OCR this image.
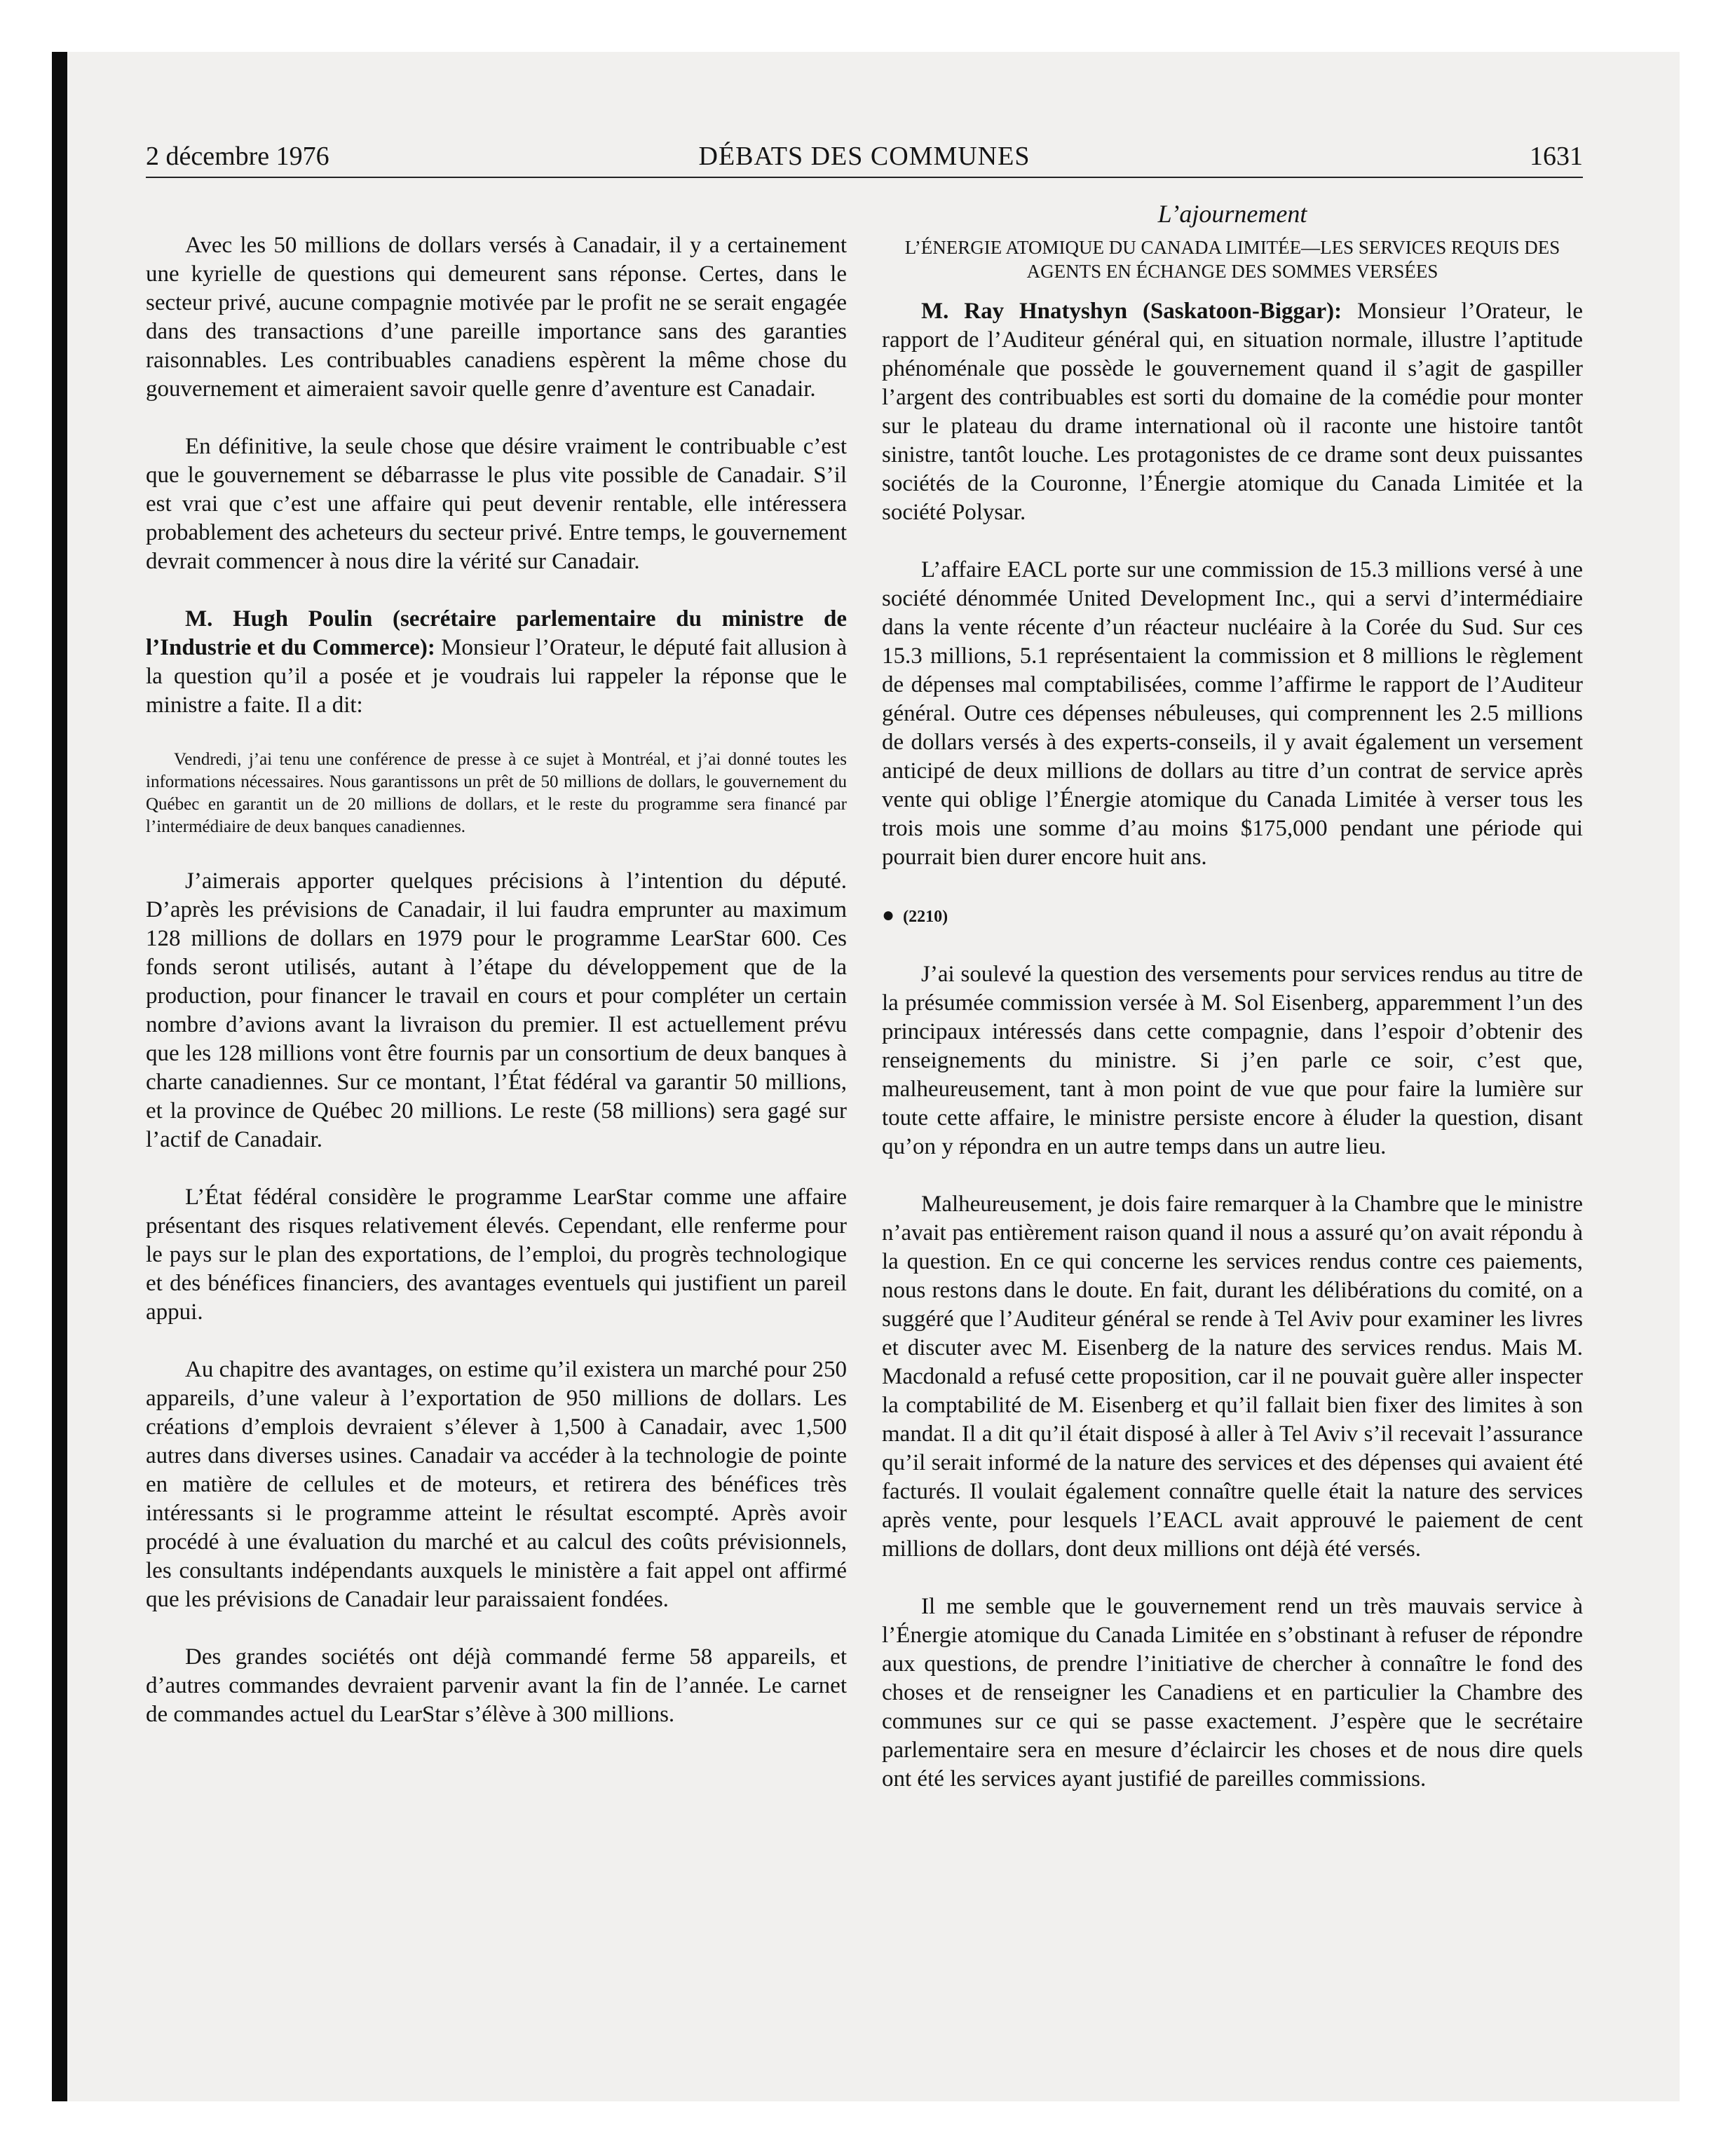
2 décembre 1976	DÉBATS DES COMMUNES	1631

Avec les 50 millions de dollars versés à Canadair, il y a certainement une kyrielle de questions qui demeurent sans réponse. Certes, dans le secteur privé, aucune compagnie motivée par le profit ne se serait engagée dans des transactions d’une pareille importance sans des garanties raisonnables. Les contribuables canadiens espèrent la même chose du gouvernement et aimeraient savoir quelle genre d’aventure est Canadair.

En définitive, la seule chose que désire vraiment le contribuable c’est que le gouvernement se débarrasse le plus vite possible de Canadair. S’il est vrai que c’est une affaire qui peut devenir rentable, elle intéressera probablement des acheteurs du secteur privé. Entre temps, le gouvernement devrait commencer à nous dire la vérité sur Canadair.

M. Hugh Poulin (secrétaire parlementaire du ministre de l’Industrie et du Commerce): Monsieur l’Orateur, le député fait allusion à la question qu’il a posée et je voudrais lui rappeler la réponse que le ministre a faite. Il a dit:

Vendredi, j’ai tenu une conférence de presse à ce sujet à Montréal, et j’ai donné toutes les informations nécessaires. Nous garantissons un prêt de 50 millions de dollars, le gouvernement du Québec en garantit un de 20 millions de dollars, et le reste du programme sera financé par l’intermédiaire de deux banques canadiennes.

J’aimerais apporter quelques précisions à l’intention du député. D’après les prévisions de Canadair, il lui faudra emprunter au maximum 128 millions de dollars en 1979 pour le programme LearStar 600. Ces fonds seront utilisés, autant à l’étape du développement que de la production, pour financer le travail en cours et pour compléter un certain nombre d’avions avant la livraison du premier. Il est actuellement prévu que les 128 millions vont être fournis par un consortium de deux banques à charte canadiennes. Sur ce montant, l’État fédéral va garantir 50 millions, et la province de Québec 20 millions. Le reste (58 millions) sera gagé sur l’actif de Canadair.

L’État fédéral considère le programme LearStar comme une affaire présentant des risques relativement élevés. Cependant, elle renferme pour le pays sur le plan des exportations, de l’emploi, du progrès technologique et des bénéfices financiers, des avantages eventuels qui justifient un pareil appui.

Au chapitre des avantages, on estime qu’il existera un marché pour 250 appareils, d’une valeur à l’exportation de 950 millions de dollars. Les créations d’emplois devraient s’élever à 1,500 à Canadair, avec 1,500 autres dans diverses usines. Canadair va accéder à la technologie de pointe en matière de cellules et de moteurs, et retirera des bénéfices très intéressants si le programme atteint le résultat escompté. Après avoir procédé à une évaluation du marché et au calcul des coûts prévisionnels, les consultants indépendants auxquels le ministère a fait appel ont affirmé que les prévisions de Canadair leur paraissaient fondées.

Des grandes sociétés ont déjà commandé ferme 58 appareils, et d’autres commandes devraient parvenir avant la fin de l’année. Le carnet de commandes actuel du LearStar s’élève à 300 millions.

L’ajournement
L’ÉNERGIE ATOMIQUE DU CANADA LIMITÉE—LES SERVICES REQUIS DES AGENTS EN ÉCHANGE DES SOMMES VERSÉES

M. Ray Hnatyshyn (Saskatoon-Biggar): Monsieur l’Orateur, le rapport de l’Auditeur général qui, en situation normale, illustre l’aptitude phénoménale que possède le gouvernement quand il s’agit de gaspiller l’argent des contribuables est sorti du domaine de la comédie pour monter sur le plateau du drame international où il raconte une histoire tantôt sinistre, tantôt louche. Les protagonistes de ce drame sont deux puissantes sociétés de la Couronne, l’Énergie atomique du Canada Limitée et la société Polysar.

L’affaire EACL porte sur une commission de 15.3 millions versé à une société dénommée United Development Inc., qui a servi d’intermédiaire dans la vente récente d’un réacteur nucléaire à la Corée du Sud. Sur ces 15.3 millions, 5.1 représentaient la commission et 8 millions le règlement de dépenses mal comptabilisées, comme l’affirme le rapport de l’Auditeur général. Outre ces dépenses nébuleuses, qui comprennent les 2.5 millions de dollars versés à des experts-conseils, il y avait également un versement anticipé de deux millions de dollars au titre d’un contrat de service après vente qui oblige l’Énergie atomique du Canada Limitée à verser tous les trois mois une somme d’au moins $175,000 pendant une période qui pourrait bien durer encore huit ans.

● (2210)

J’ai soulevé la question des versements pour services rendus au titre de la présumée commission versée à M. Sol Eisenberg, apparemment l’un des principaux intéressés dans cette compagnie, dans l’espoir d’obtenir des renseignements du ministre. Si j’en parle ce soir, c’est que, malheureusement, tant à mon point de vue que pour faire la lumière sur toute cette affaire, le ministre persiste encore à éluder la question, disant qu’on y répondra en un autre temps dans un autre lieu.

Malheureusement, je dois faire remarquer à la Chambre que le ministre n’avait pas entièrement raison quand il nous a assuré qu’on avait répondu à la question. En ce qui concerne les services rendus contre ces paiements, nous restons dans le doute. En fait, durant les délibérations du comité, on a suggéré que l’Auditeur général se rende à Tel Aviv pour examiner les livres et discuter avec M. Eisenberg de la nature des services rendus. Mais M. Macdonald a refusé cette proposition, car il ne pouvait guère aller inspecter la comptabilité de M. Eisenberg et qu’il fallait bien fixer des limites à son mandat. Il a dit qu’il était disposé à aller à Tel Aviv s’il recevait l’assurance qu’il serait informé de la nature des services et des dépenses qui avaient été facturés. Il voulait également connaître quelle était la nature des services après vente, pour lesquels l’EACL avait approuvé le paiement de cent millions de dollars, dont deux millions ont déjà été versés.

Il me semble que le gouvernement rend un très mauvais service à l’Énergie atomique du Canada Limitée en s’obstinant à refuser de répondre aux questions, de prendre l’initiative de chercher à connaître le fond des choses et de renseigner les Canadiens et en particulier la Chambre des communes sur ce qui se passe exactement. J’espère que le secrétaire parlementaire sera en mesure d’éclaircir les choses et de nous dire quels ont été les services ayant justifié de pareilles commissions.
